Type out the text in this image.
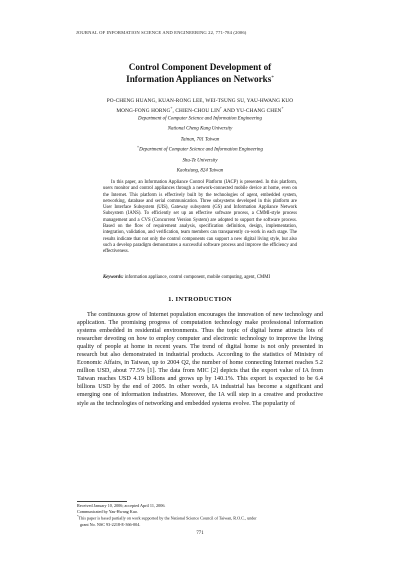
JOURNAL OF INFORMATION SCIENCE AND ENGINEERING 22, 771-784 (2006)
Control Component Development of
Information Appliances on Networks*
PO-CHENG HUANG, KUAN-RONG LEE, WEI-TSUNG SU, YAU-HWANG KUO
MONG-FONG HORNG+, CHIEN-CHOU LIN+ AND YU-CHANG CHEN+
Department of Computer Science and Information Engineering
National Cheng Kung University
Tainan, 701 Taiwan
+Department of Computer Science and Information Engineering
Shu-Te University
Kaohsiung, 824 Taiwan
In this paper, an Information Appliance Control Platform (IACP) is presented. In this platform, users monitor and control appliances through a network-connected mobile device at home, even on the Internet. This platform is effectively built by the technologies of agent, embedded system, networking, database and serial communication. Three subsystems developed in this platform are User Interface Subsystem (UIS), Gateway subsystem (GS) and Information Appliance Network Subsystem (IANS). To efficiently set up an effective software process, a CMMI-style process management and a CVS (Concurrent Version System) are adopted to support the software process. Based on the flow of requirement analysis, specification definition, design, implementation, integration, validation, and verification, team members can transparently co-work in each stage. The results indicate that not only the control components can support a new digital living style, but also such a develop paradigm demonstrates a successful software process and improve the efficiency and effectiveness.
Keywords: information appliance, control component, mobile computing, agent, CMMI
1. INTRODUCTION
The continuous grow of Internet population encourages the innovation of new technology and application. The promising progress of computation technology make professional information systems embedded in residential environments. Thus the topic of digital home attracts lots of researcher devoting on how to employ computer and electronic technology to improve the living quality of people at home in recent years. The trend of digital home is not only presented in research but also demonstrated in industrial products. According to the statistics of Ministry of Economic Affairs, in Taiwan, up to 2004 Q2, the number of home connecting Internet reaches 5.2 million USD, about 77.5% [1]. The data from MIC [2] depicts that the export value of IA from Taiwan reaches USD 4.19 billions and grows up by 140.1%. This export is expected to be 6.4 billions USD by the end of 2005. In other words, IA industrial has become a significant and emerging one of information industries. Moreover, the IA will step in a creative and productive style as the technologies of networking and embedded systems evolve. The popularity of
Received January 10, 2006; accepted April 11, 2006.
Communicated by Yau-Hwang Kuo.
*This paper is based partially on work supported by the National Science Council of Taiwan, R.O.C., under
grant No. NSC 93-2218-E-366-004.
771
